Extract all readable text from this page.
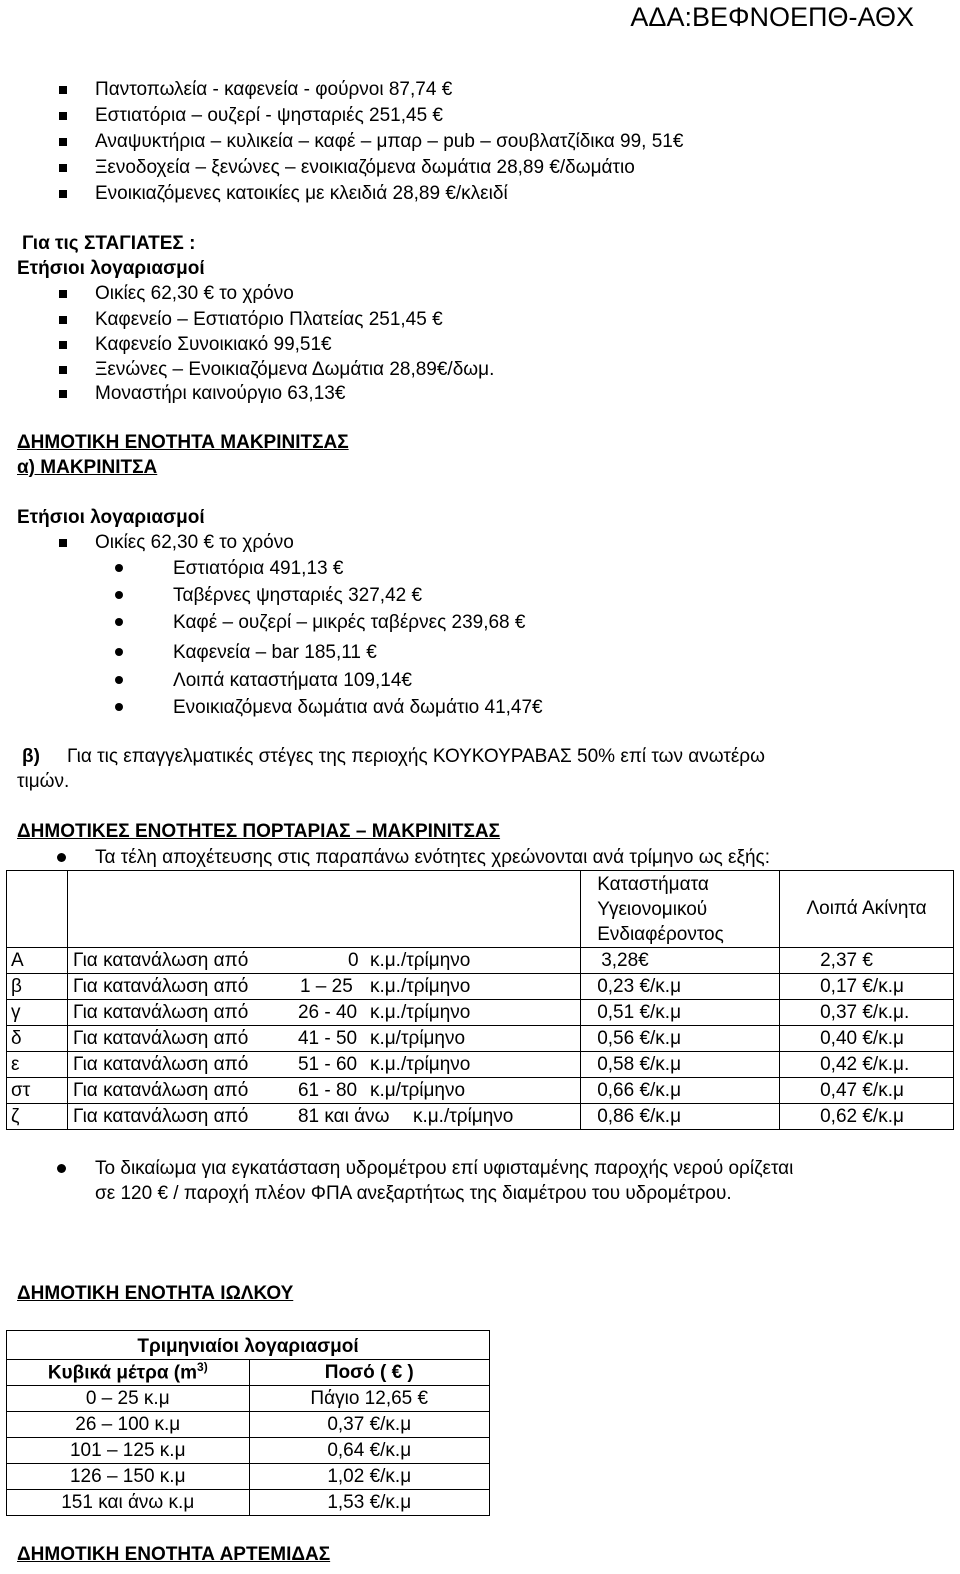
ΑΔΑ:ΒΕΦΝΟΕΠΘ-ΑΘΧ
Παντοπωλεία - καφενεία - φούρνοι 87,74 €
Εστιατόρια – ουζερί - ψησταριές 251,45 €
Αναψυκτήρια – κυλικεία – καφέ – μπαρ – pub – σουβλατζίδικα 99, 51€
Ξενοδοχεία – ξενώνες – ενοικιαζόμενα δωμάτια 28,89 €/δωμάτιο
Ενοικιαζόμενες κατοικίες με κλειδιά 28,89 €/κλειδί
Για τις ΣΤΑΓΙΑΤΕΣ :
Ετήσιοι λογαριασμοί
Οικίες 62,30 € το χρόνο
Καφενείο – Εστιατόριο Πλατείας 251,45 €
Καφενείο Συνοικιακό 99,51€
Ξενώνες – Ενοικιαζόμενα Δωμάτια 28,89€/δωμ.
Μοναστήρι καινούργιο 63,13€
ΔΗΜΟΤΙΚΗ ΕΝΟΤΗΤΑ ΜΑΚΡΙΝΙΤΣΑΣ
α) ΜΑΚΡΙΝΙΤΣΑ
Ετήσιοι λογαριασμοί
Οικίες 62,30 € το χρόνο
Εστιατόρια 491,13 €
Ταβέρνες ψησταριές 327,42 €
Καφέ – ουζερί – μικρές ταβέρνες 239,68 €
Καφενεία – bar 185,11 €
Λοιπά καταστήματα 109,14€
Ενοικιαζόμενα δωμάτια ανά δωμάτιο 41,47€
β) Για τις επαγγελματικές στέγες της περιοχής ΚΟΥΚΟΥΡΑΒΑΣ 50% επί των ανωτέρω
τιμών.
ΔΗΜΟΤΙΚΕΣ ΕΝΟΤΗΤΕΣ ΠΟΡΤΑΡΙΑΣ – ΜΑΚΡΙΝΙΤΣΑΣ
Τα τέλη αποχέτευσης στις παραπάνω ενότητες χρεώνονται ανά τρίμηνο ως εξής:

		Καταστήματα
Υγειονομικού
Ενδιαφέροντος	Λοιπά Ακίνητα
Α	Για κατανάλωση από 0 κ.μ./τρίμηνο	3,28€	2,37 €
β	Για κατανάλωση από 1 – 25 κ.μ./τρίμηνο	0,23 €/κ.μ	0,17 €/κ.μ
γ	Για κατανάλωση από 26 - 40 κ.μ./τρίμηνο	0,51 €/κ.μ	0,37 €/κ.μ.
δ	Για κατανάλωση από 41 - 50 κ.μ/τρίμηνο	0,56 €/κ.μ	0,40 €/κ.μ
ε	Για κατανάλωση από 51 - 60 κ.μ./τρίμηνο	0,58 €/κ.μ	0,42 €/κ.μ.
στ	Για κατανάλωση από 61 - 80 κ.μ/τρίμηνο	0,66 €/κ.μ	0,47 €/κ.μ
ζ	Για κατανάλωση από 81 και άνω κ.μ./τρίμηνο	0,86 €/κ.μ	0,62 €/κ.μ
Το δικαίωμα για εγκατάσταση υδρομέτρου επί υφισταμένης παροχής νερού ορίζεται
σε 120 € / παροχή πλέον ΦΠΑ ανεξαρτήτως της διαμέτρου του υδρομέτρου.
ΔΗΜΟΤΙΚΗ ΕΝΟΤΗΤΑ ΙΩΛΚΟΥ
Τριμηνιαίοι λογαριασμοί	
Κυβικά μέτρα ($m^{3)}$	Ποσό ( € )
0 – 25 κ.μ	Πάγιο 12,65 €
26 – 100 κ.μ	0,37 €/κ.μ
101 – 125 κ.μ	0,64 €/κ.μ
126 – 150 κ.μ	1,02 €/κ.μ
151 και άνω κ.μ	1,53 €/κ.μ
ΔΗΜΟΤΙΚΗ ΕΝΟΤΗΤΑ ΑΡΤΕΜΙΔΑΣ
